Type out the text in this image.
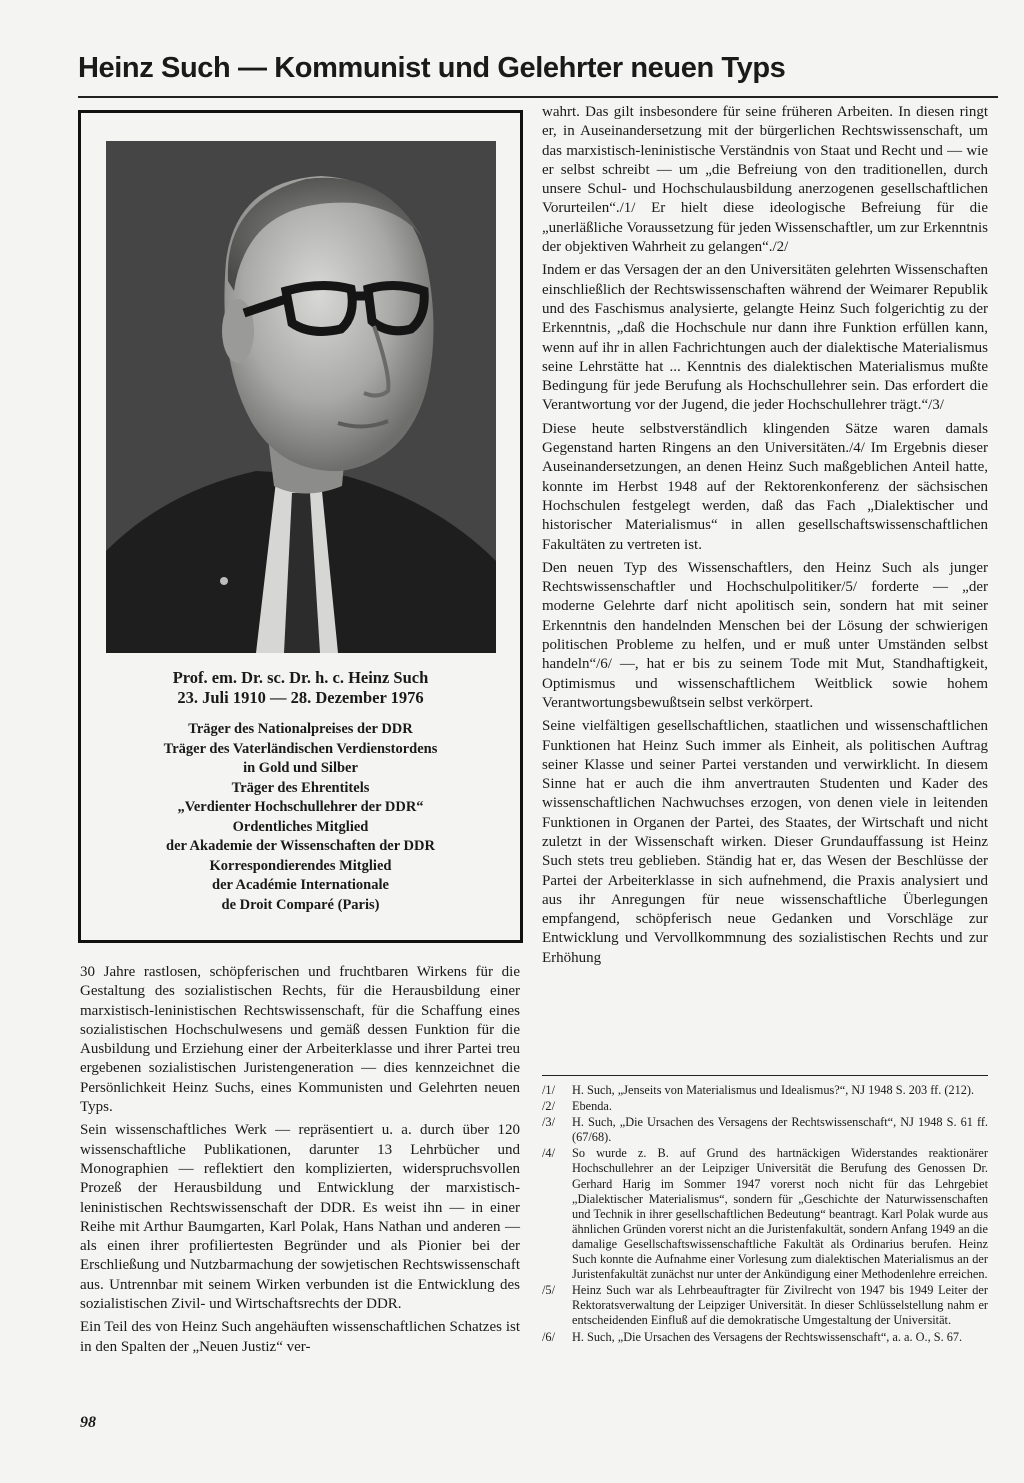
Heinz Such — Kommunist und Gelehrter neuen Typs
Prof. em. Dr. sc. Dr. h. c. Heinz Such
23. Juli 1910 — 28. Dezember 1976
Träger des Nationalpreises der DDR
Träger des Vaterländischen Verdienstordens
in Gold und Silber
Träger des Ehrentitels
„Verdienter Hochschullehrer der DDR“
Ordentliches Mitglied
der Akademie der Wissenschaften der DDR
Korrespondierendes Mitglied
der Académie Internationale
de Droit Comparé (Paris)

30 Jahre rastlosen, schöpferischen und fruchtbaren Wirkens für die Gestaltung des sozialistischen Rechts, für die Herausbildung einer marxistisch-leninistischen Rechtswissenschaft, für die Schaffung eines sozialistischen Hochschulwesens und gemäß dessen Funktion für die Ausbildung und Erziehung einer der Arbeiterklasse und ihrer Partei treu ergebenen sozialistischen Juristengeneration — dies kennzeichnet die Persönlichkeit Heinz Suchs, eines Kommunisten und Gelehrten neuen Typs.

Sein wissenschaftliches Werk — repräsentiert u. a. durch über 120 wissenschaftliche Publikationen, darunter 13 Lehrbücher und Monographien — reflektiert den komplizierten, widerspruchsvollen Prozeß der Herausbildung und Entwicklung der marxistisch-leninistischen Rechtswissenschaft der DDR. Es weist ihn — in einer Reihe mit Arthur Baumgarten, Karl Polak, Hans Nathan und anderen — als einen ihrer profiliertesten Begründer und als Pionier bei der Erschließung und Nutzbarmachung der sowjetischen Rechtswissenschaft aus. Untrennbar mit seinem Wirken verbunden ist die Entwicklung des sozialistischen Zivil- und Wirtschaftsrechts der DDR.

Ein Teil des von Heinz Such angehäuften wissenschaftlichen Schatzes ist in den Spalten der „Neuen Justiz“ ver-

wahrt. Das gilt insbesondere für seine früheren Arbeiten. In diesen ringt er, in Auseinandersetzung mit der bürgerlichen Rechtswissenschaft, um das marxistisch-leninistische Verständnis von Staat und Recht und — wie er selbst schreibt — um „die Befreiung von den traditionellen, durch unsere Schul- und Hochschulausbildung anerzogenen gesellschaftlichen Vorurteilen“./1/ Er hielt diese ideologische Befreiung für die „unerläßliche Voraussetzung für jeden Wissenschaftler, um zur Erkenntnis der objektiven Wahrheit zu gelangen“./2/

Indem er das Versagen der an den Universitäten gelehrten Wissenschaften einschließlich der Rechtswissenschaften während der Weimarer Republik und des Faschismus analysierte, gelangte Heinz Such folgerichtig zu der Erkenntnis, „daß die Hochschule nur dann ihre Funktion erfüllen kann, wenn auf ihr in allen Fachrichtungen auch der dialektische Materialismus seine Lehrstätte hat ... Kenntnis des dialektischen Materialismus mußte Bedingung für jede Berufung als Hochschullehrer sein. Das erfordert die Verantwortung vor der Jugend, die jeder Hochschullehrer trägt.“/3/

Diese heute selbstverständlich klingenden Sätze waren damals Gegenstand harten Ringens an den Universitäten./4/ Im Ergebnis dieser Auseinandersetzungen, an denen Heinz Such maßgeblichen Anteil hatte, konnte im Herbst 1948 auf der Rektorenkonferenz der sächsischen Hochschulen festgelegt werden, daß das Fach „Dialektischer und historischer Materialismus“ in allen gesellschaftswissenschaftlichen Fakultäten zu vertreten ist.

Den neuen Typ des Wissenschaftlers, den Heinz Such als junger Rechtswissenschaftler und Hochschulpolitiker/5/ forderte — „der moderne Gelehrte darf nicht apolitisch sein, sondern hat mit seiner Erkenntnis den handelnden Menschen bei der Lösung der schwierigen politischen Probleme zu helfen, und er muß unter Umständen selbst handeln“/6/ —, hat er bis zu seinem Tode mit Mut, Standhaftigkeit, Optimismus und wissenschaftlichem Weitblick sowie hohem Verantwortungsbewußtsein selbst verkörpert.

Seine vielfältigen gesellschaftlichen, staatlichen und wissenschaftlichen Funktionen hat Heinz Such immer als Einheit, als politischen Auftrag seiner Klasse und seiner Partei verstanden und verwirklicht. In diesem Sinne hat er auch die ihm anvertrauten Studenten und Kader des wissenschaftlichen Nachwuchses erzogen, von denen viele in leitenden Funktionen in Organen der Partei, des Staates, der Wirtschaft und nicht zuletzt in der Wissenschaft wirken. Dieser Grundauffassung ist Heinz Such stets treu geblieben. Ständig hat er, das Wesen der Beschlüsse der Partei der Arbeiterklasse in sich aufnehmend, die Praxis analysiert und aus ihr Anregungen für neue wissenschaftliche Überlegungen empfangend, schöpferisch neue Gedanken und Vorschläge zur Entwicklung und Vervollkommnung des sozialistischen Rechts und zur Erhöhung

/1/ H. Such, „Jenseits von Materialismus und Idealismus?“, NJ 1948 S. 203 ff. (212).

/2/ Ebenda.

/3/ H. Such, „Die Ursachen des Versagens der Rechtswissenschaft“, NJ 1948 S. 61 ff. (67/68).

/4/ So wurde z. B. auf Grund des hartnäckigen Widerstandes reaktionärer Hochschullehrer an der Leipziger Universität die Berufung des Genossen Dr. Gerhard Harig im Sommer 1947 vorerst noch nicht für das Lehrgebiet „Dialektischer Materialismus“, sondern für „Geschichte der Naturwissenschaften und Technik in ihrer gesellschaftlichen Bedeutung“ beantragt. Karl Polak wurde aus ähnlichen Gründen vorerst nicht an die Juristenfakultät, sondern Anfang 1949 an die damalige Gesellschaftswissenschaftliche Fakultät als Ordinarius berufen. Heinz Such konnte die Aufnahme einer Vorlesung zum dialektischen Materialismus an der Juristenfakultät zunächst nur unter der Ankündigung einer Methodenlehre erreichen.

/5/ Heinz Such war als Lehrbeauftragter für Zivilrecht von 1947 bis 1949 Leiter der Rektoratsverwaltung der Leipziger Universität. In dieser Schlüsselstellung nahm er entscheidenden Einfluß auf die demokratische Umgestaltung der Universität.

/6/ H. Such, „Die Ursachen des Versagens der Rechtswissenschaft“, a. a. O., S. 67.

98
